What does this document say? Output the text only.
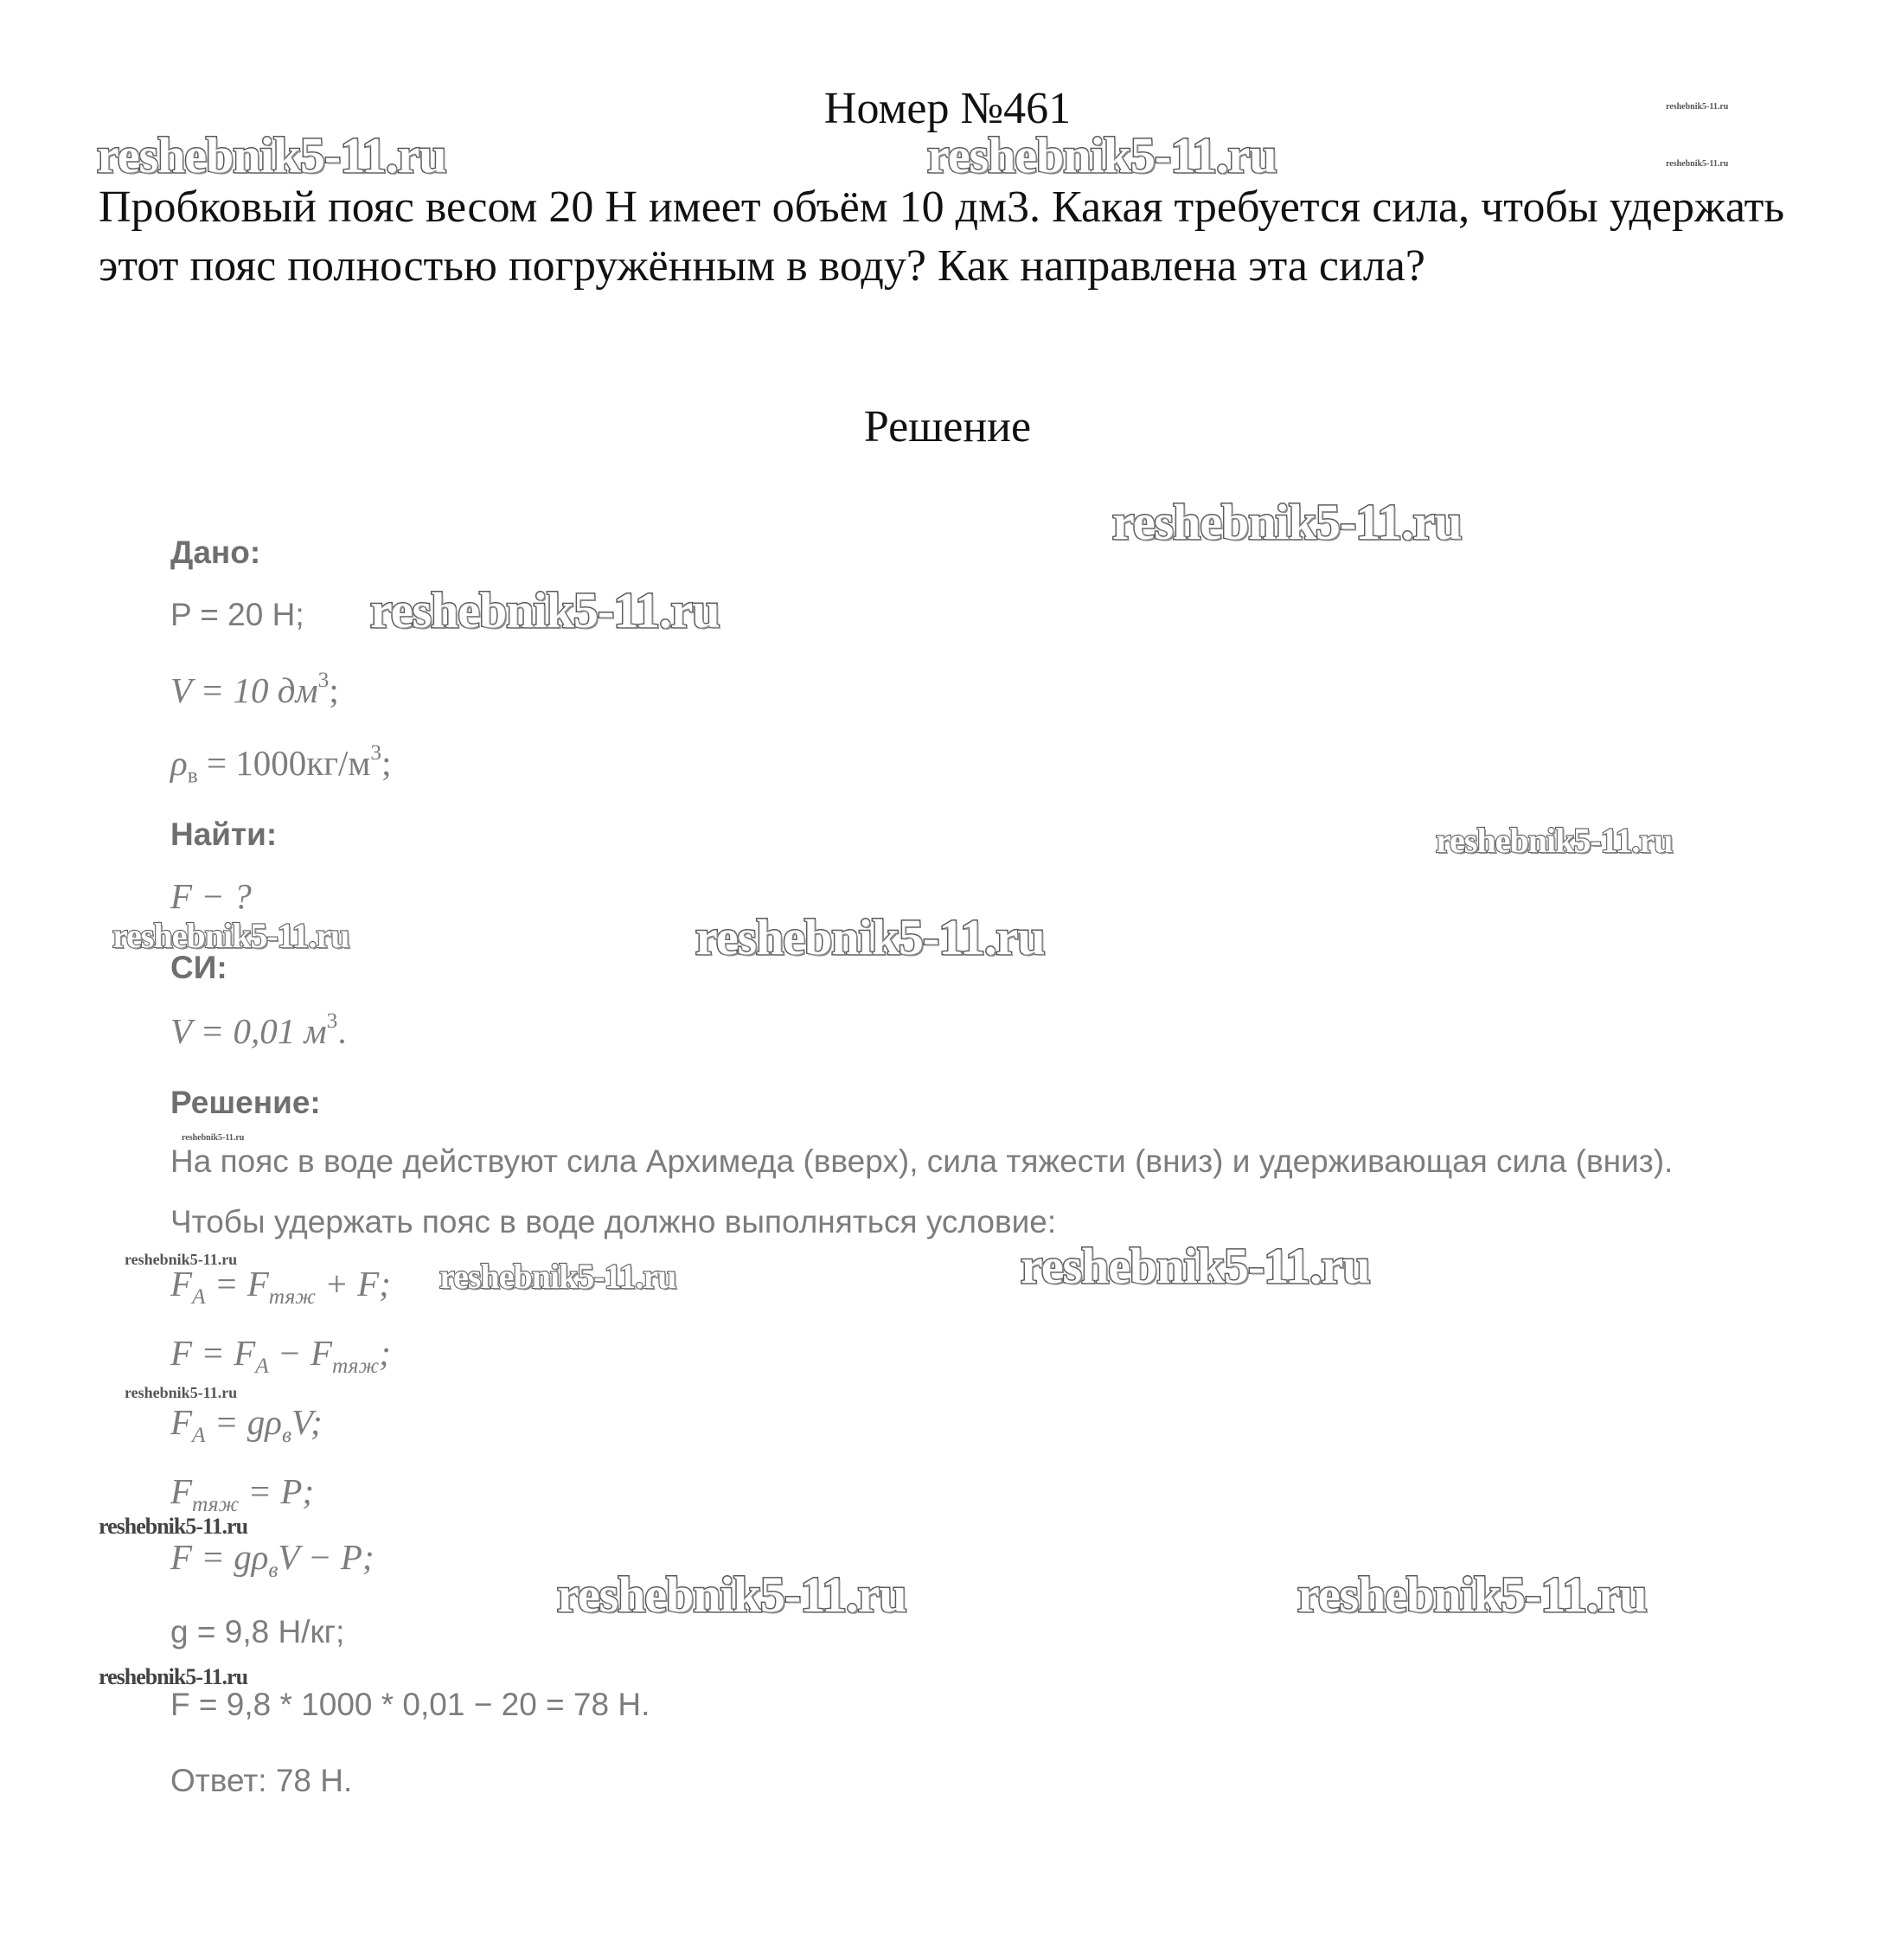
Номер №461
Пробковый пояс весом 20 Н имеет объём 10 дм3. Какая требуется сила, чтобы удержать этот пояс полностью погружённым в воду? Как направлена эта сила?
Решение
Дано:
P = 20 Н;
V = 10 $дм^3$;
$\rho_в = 1000кг/м^3$;
Найти:
F − ?
СИ:
V = 0,01 $м^3$.
Решение:
На пояс в воде действуют сила Архимеда (вверх), сила тяжести (вниз) и удерживающая сила (вниз).
Чтобы удержать пояс в воде должно выполняться условие:
$F_A = F_{тяж} + F$;
$F = F_A - F_{тяж}$;
$F_A = g\rho_вV$;
$F_{тяж} = P$;
$F = g\rho_вV - P$;
g = 9,8 Н/кг;
F = 9,8 * 1000 * 0,01 − 20 = 78 Н.
Ответ: 78 Н.
reshebnik5-11.ru	reshebnik5-11.ru
reshebnik5-11.ru
reshebnik5-11.ru
reshebnik5-11.ru
reshebnik5-11.ru
reshebnik5-11.ru
reshebnik5-11.ru	reshebnik5-11.ru
reshebnik5-11.ru
reshebnik5-11.ru	reshebnik5-11.ru	reshebnik5-11.ru
reshebnik5-11.ru
reshebnik5-11.ru
reshebnik5-11.ru	reshebnik5-11.ru
reshebnik5-11.ru
